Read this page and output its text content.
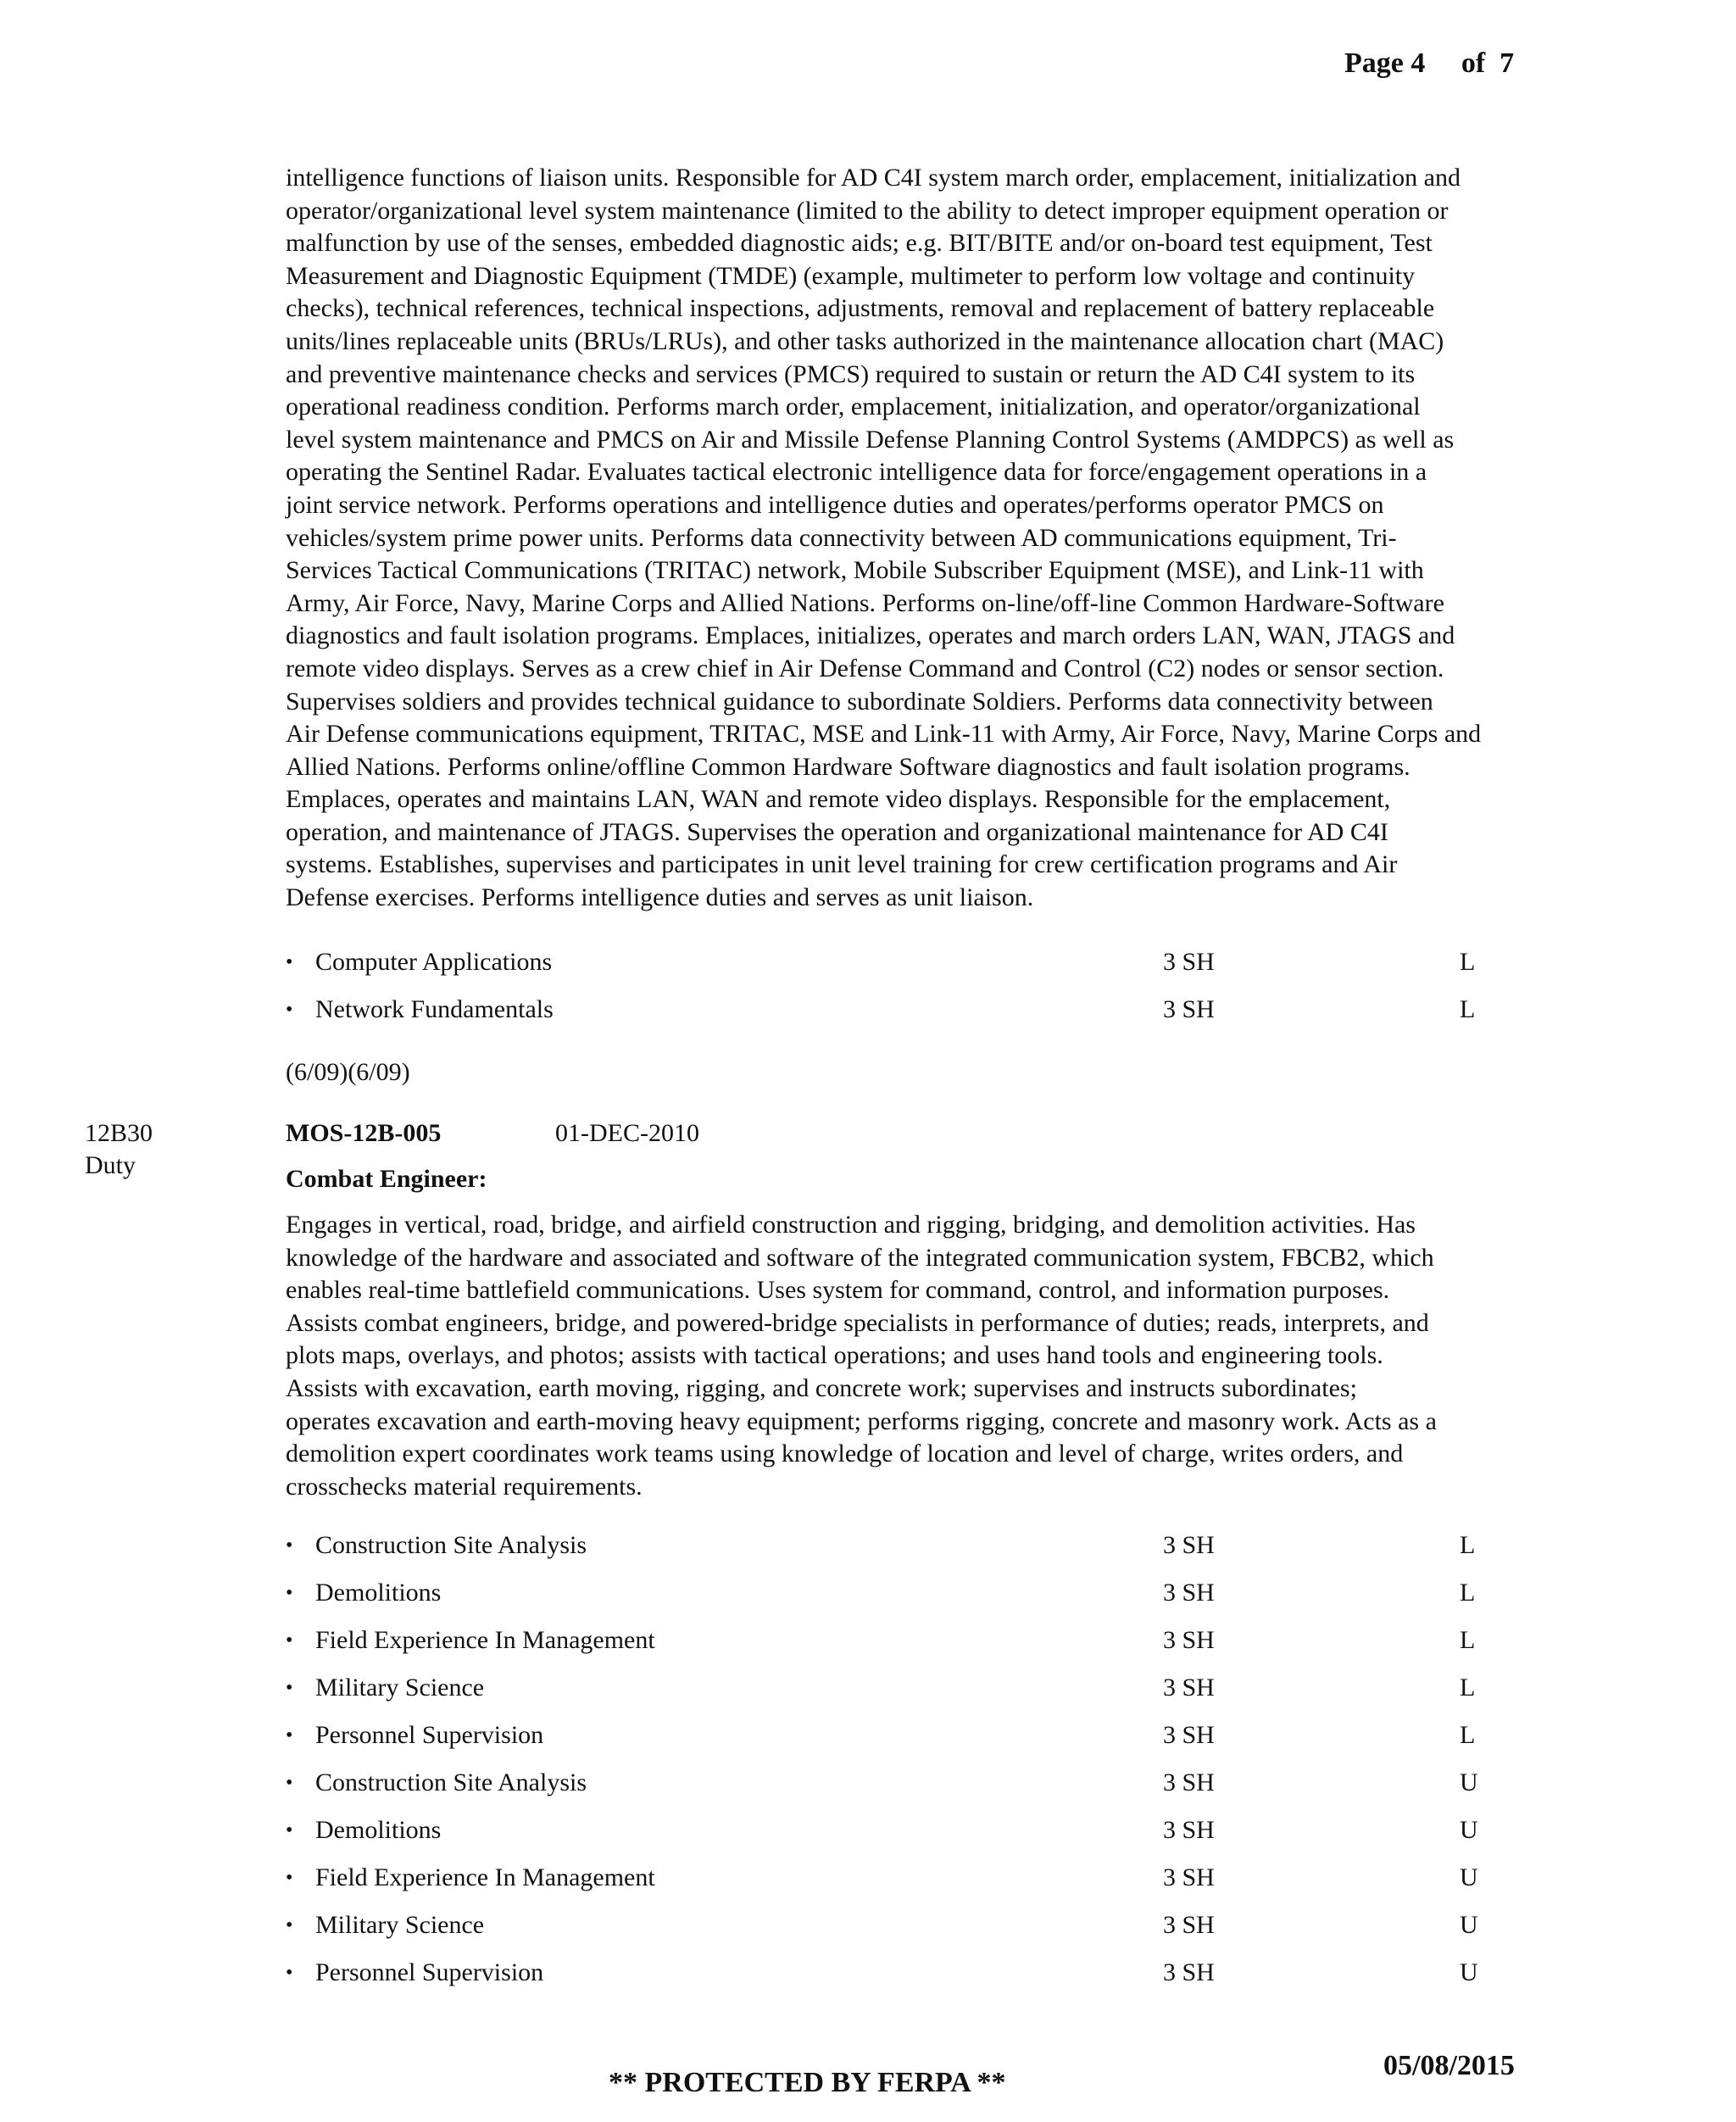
Page 4     of  7
intelligence functions of liaison units. Responsible for AD C4I system march order, emplacement, initialization and
operator/organizational level system maintenance (limited to the ability to detect improper equipment operation or
malfunction by use of the senses, embedded diagnostic aids; e.g. BIT/BITE and/or on-board test equipment, Test
Measurement and Diagnostic Equipment (TMDE) (example, multimeter to perform low voltage and continuity
checks), technical references, technical inspections, adjustments, removal and replacement of battery replaceable
units/lines replaceable units (BRUs/LRUs), and other tasks authorized in the maintenance allocation chart (MAC)
and preventive maintenance checks and services (PMCS) required to sustain or return the AD C4I system to its
operational readiness condition. Performs march order, emplacement, initialization, and operator/organizational
level system maintenance and PMCS on Air and Missile Defense Planning Control Systems (AMDPCS) as well as
operating the Sentinel Radar. Evaluates tactical electronic intelligence data for force/engagement operations in a
joint service network. Performs operations and intelligence duties and operates/performs operator PMCS on
vehicles/system prime power units. Performs data connectivity between AD communications equipment, Tri-
Services Tactical Communications (TRITAC) network, Mobile Subscriber Equipment (MSE), and Link-11 with
Army, Air Force, Navy, Marine Corps and Allied Nations. Performs on-line/off-line Common Hardware-Software
diagnostics and fault isolation programs. Emplaces, initializes, operates and march orders LAN, WAN, JTAGS and
remote video displays. Serves as a crew chief in Air Defense Command and Control (C2) nodes or sensor section.
Supervises soldiers and provides technical guidance to subordinate Soldiers. Performs data connectivity between
Air Defense communications equipment, TRITAC, MSE and Link-11 with Army, Air Force, Navy, Marine Corps and
Allied Nations. Performs online/offline Common Hardware Software diagnostics and fault isolation programs.
Emplaces, operates and maintains LAN, WAN and remote video displays. Responsible for the emplacement,
operation, and maintenance of JTAGS. Supervises the operation and organizational maintenance for AD C4I
systems. Establishes, supervises and participates in unit level training for crew certification programs and Air
Defense exercises. Performs intelligence duties and serves as unit liaison.
• Computer Applications	3 SH	L
• Network Fundamentals	3 SH	L
(6/09)(6/09)
12B30
Duty
MOS-12B-005	01-DEC-2010
Combat Engineer:
Engages in vertical, road, bridge, and airfield construction and rigging, bridging, and demolition activities. Has
knowledge of the hardware and associated and software of the integrated communication system, FBCB2, which
enables real-time battlefield communications. Uses system for command, control, and information purposes.
Assists combat engineers, bridge, and powered-bridge specialists in performance of duties; reads, interprets, and
plots maps, overlays, and photos; assists with tactical operations; and uses hand tools and engineering tools.
Assists with excavation, earth moving, rigging, and concrete work; supervises and instructs subordinates;
operates excavation and earth-moving heavy equipment; performs rigging, concrete and masonry work. Acts as a
demolition expert coordinates work teams using knowledge of location and level of charge, writes orders, and
crosschecks material requirements.
• Construction Site Analysis	3 SH	L
• Demolitions	3 SH	L
• Field Experience In Management	3 SH	L
• Military Science	3 SH	L
• Personnel Supervision	3 SH	L
• Construction Site Analysis	3 SH	U
• Demolitions	3 SH	U
• Field Experience In Management	3 SH	U
• Military Science	3 SH	U
• Personnel Supervision	3 SH	U
05/08/2015
** PROTECTED BY FERPA **
